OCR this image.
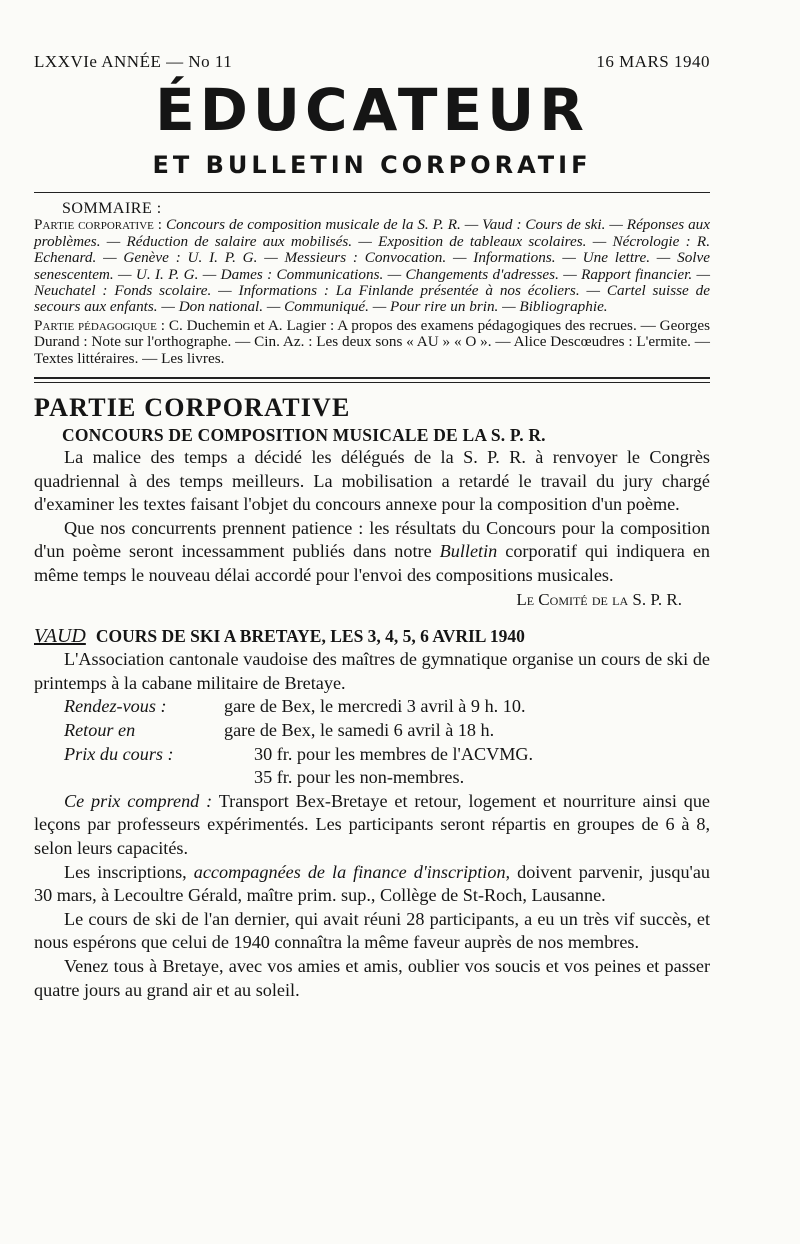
LXXVIe ANNÉE — No 11	16 MARS 1940
ÉDUCATEUR
ET BULLETIN CORPORATIF
SOMMAIRE :

Partie corporative : Concours de composition musicale de la S. P. R. — Vaud : Cours de ski. — Réponses aux problèmes. — Réduction de salaire aux mobilisés. — Exposition de tableaux scolaires. — Nécrologie : R. Echenard. — Genève : U. I. P. G. — Messieurs : Convocation. — Informations. — Une lettre. — Solve senescentem. — U. I. P. G. — Dames : Communications. — Changements d'adresses. — Rapport financier. — Neuchatel : Fonds scolaire. — Informations : La Finlande présentée à nos écoliers. — Cartel suisse de secours aux enfants. — Don national. — Communiqué. — Pour rire un brin. — Bibliographie.

Partie pédagogique : C. Duchemin et A. Lagier : A propos des examens pédagogiques des recrues. — Georges Durand : Note sur l'orthographe. — Cin. Az. : Les deux sons « AU » « O ». — Alice Descœudres : L'ermite. — Textes littéraires. — Les livres.

PARTIE CORPORATIVE
CONCOURS DE COMPOSITION MUSICALE DE LA S. P. R.

La malice des temps a décidé les délégués de la S. P. R. à renvoyer le Congrès quadriennal à des temps meilleurs. La mobilisation a retardé le travail du jury chargé d'examiner les textes faisant l'objet du concours annexe pour la composition d'un poème.

Que nos concurrents prennent patience : les résultats du Concours pour la composition d'un poème seront incessamment publiés dans notre Bulletin corporatif qui indiquera en même temps le nouveau délai accordé pour l'envoi des compositions musicales.

Le Comité de la S. P. R.
VAUD COURS DE SKI A BRETAYE, LES 3, 4, 5, 6 AVRIL 1940

L'Association cantonale vaudoise des maîtres de gymnatique organise un cours de ski de printemps à la cabane militaire de Bretaye.

Rendez-vous :	gare de Bex, le mercredi 3 avril à 9 h. 10.
Retour en	gare de Bex, le samedi 6 avril à 18 h.
Prix du cours :	30 fr. pour les membres de l'ACVMG.
35 fr. pour les non-membres.

Ce prix comprend : Transport Bex-Bretaye et retour, logement et nourriture ainsi que leçons par professeurs expérimentés. Les participants seront répartis en groupes de 6 à 8, selon leurs capacités.

Les inscriptions, accompagnées de la finance d'inscription, doivent parvenir, jusqu'au 30 mars, à Lecoultre Gérald, maître prim. sup., Collège de St-Roch, Lausanne.

Le cours de ski de l'an dernier, qui avait réuni 28 participants, a eu un très vif succès, et nous espérons que celui de 1940 connaîtra la même faveur auprès de nos membres.

Venez tous à Bretaye, avec vos amies et amis, oublier vos soucis et vos peines et passer quatre jours au grand air et au soleil.
